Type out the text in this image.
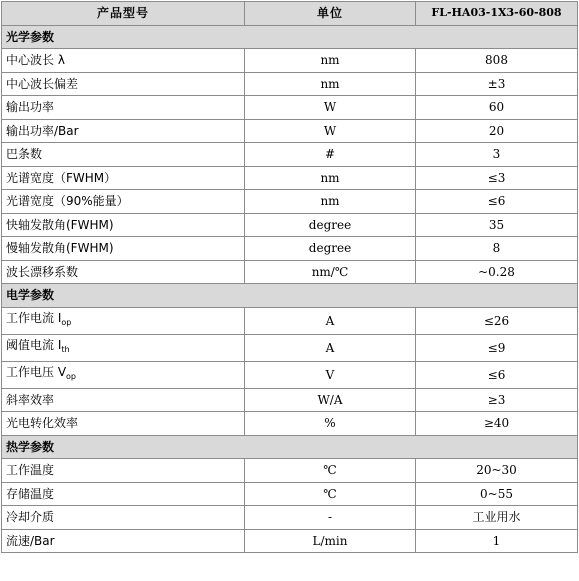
产品型号	单位	FL-HA03-1X3-60-808
光学参数		
中心波长 λ	nm	808
中心波长偏差	nm	±3
输出功率	W	60
输出功率/Bar	W	20
巴条数	#	3
光谱宽度（FWHM）	nm	≤3
光谱宽度（90%能量）	nm	≤6
快轴发散角(FWHM)	degree	35
慢轴发散角(FWHM)	degree	8
波长漂移系数	nm/℃	~0.28
电学参数		
工作电流 $I_{op}$	A	≤26
阈值电流 $I_{th}$	A	≤9
工作电压 $V_{op}$	V	≤6
斜率效率	W/A	≥3
光电转化效率	%	≥40
热学参数		
工作温度	℃	20~30
存储温度	℃	0~55
冷却介质	-	工业用水
流速/Bar	L/min	1
